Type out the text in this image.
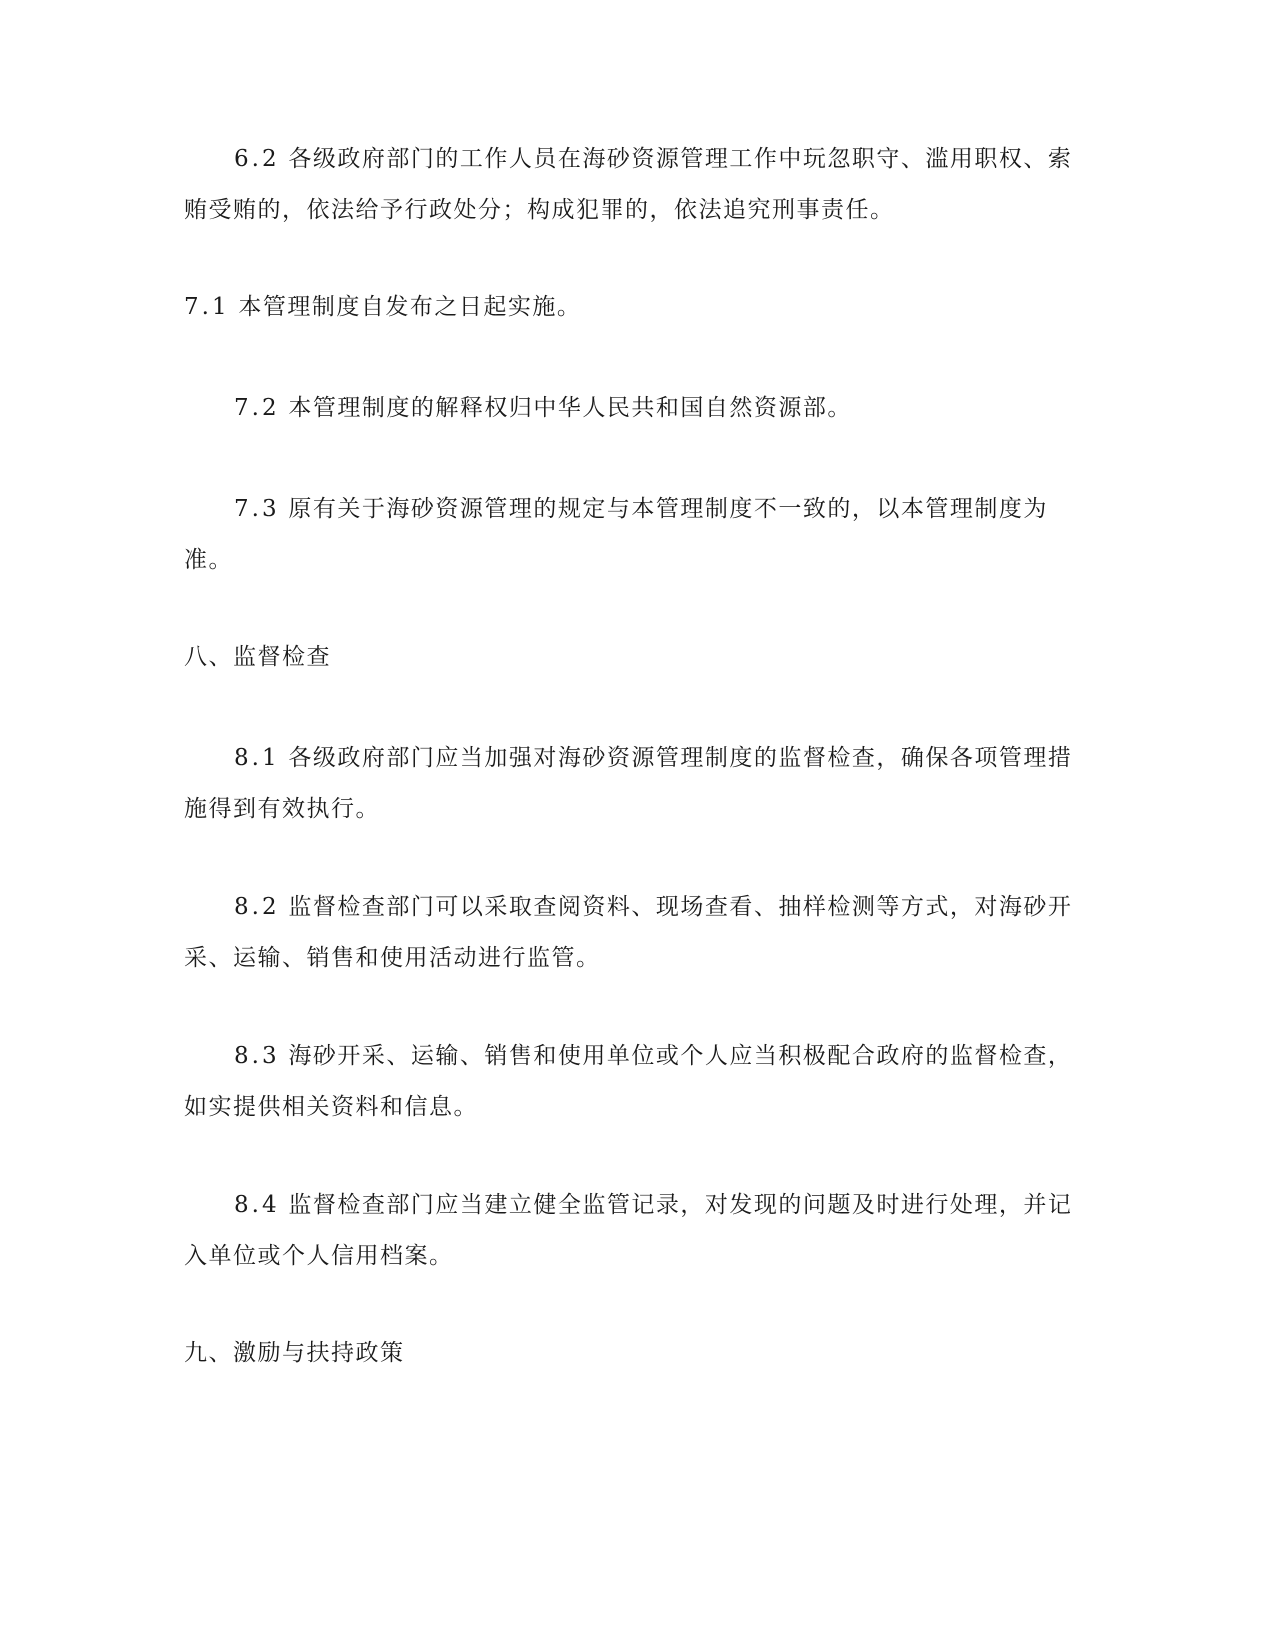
6.2 各级政府部门的工作人员在海砂资源管理工作中玩忽职守、滥用职权、索贿受贿的，依法给予行政处分；构成犯罪的，依法追究刑事责任。

7.1 本管理制度自发布之日起实施。

7.2 本管理制度的解释权归中华人民共和国自然资源部。

7.3 原有关于海砂资源管理的规定与本管理制度不一致的，以本管理制度为准。

八、监督检查

8.1 各级政府部门应当加强对海砂资源管理制度的监督检查，确保各项管理措施得到有效执行。

8.2 监督检查部门可以采取查阅资料、现场查看、抽样检测等方式，对海砂开采、运输、销售和使用活动进行监管。

8.3 海砂开采、运输、销售和使用单位或个人应当积极配合政府的监督检查，如实提供相关资料和信息。

8.4 监督检查部门应当建立健全监管记录，对发现的问题及时进行处理，并记入单位或个人信用档案。

九、激励与扶持政策
